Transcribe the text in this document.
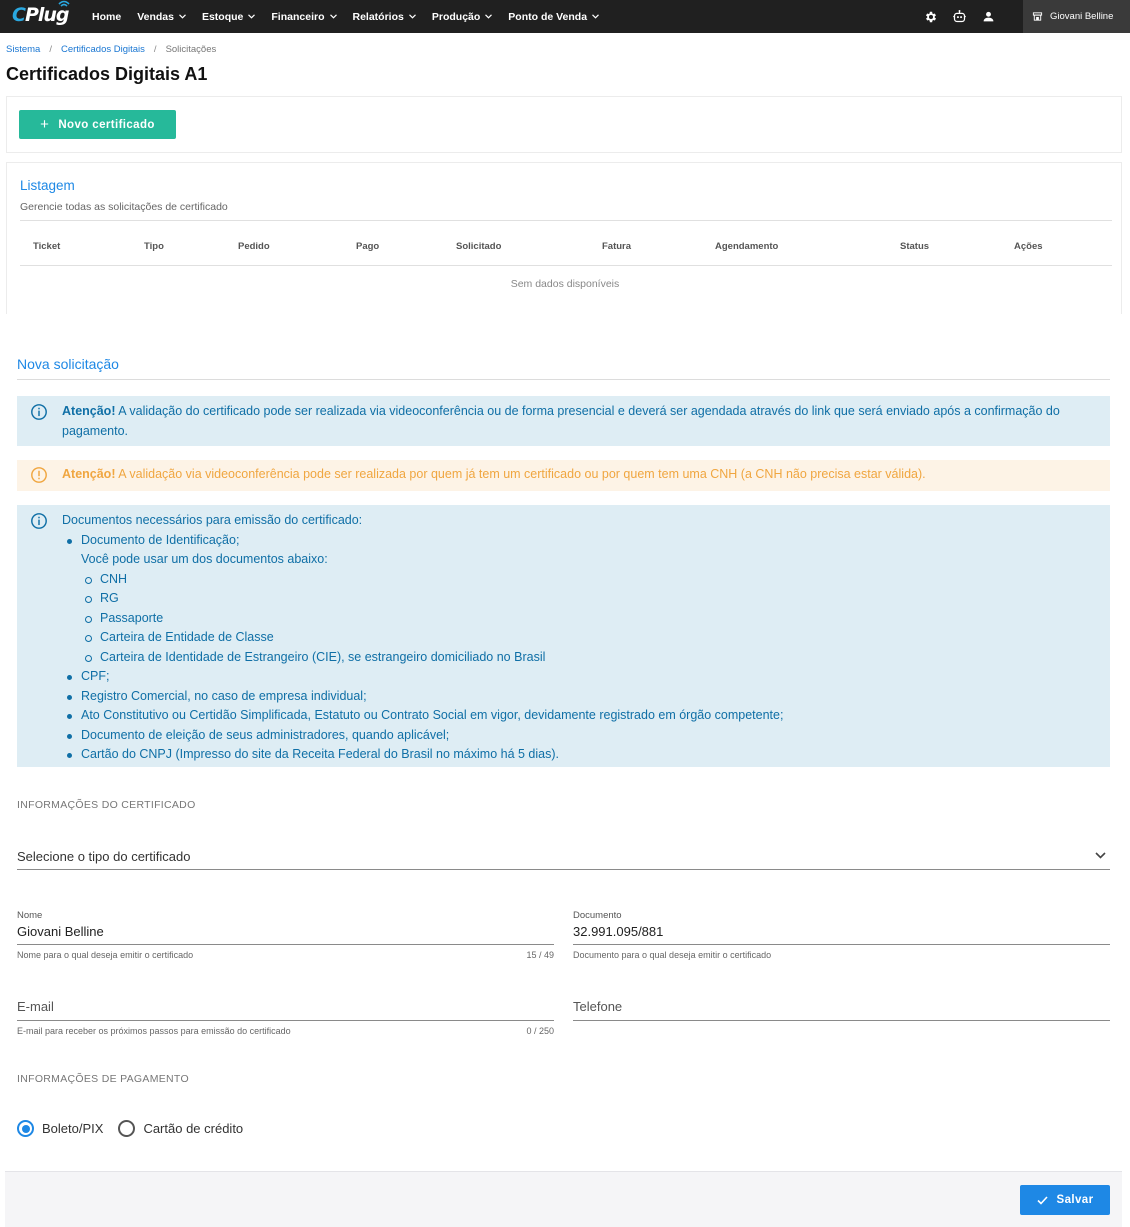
CPlug Home Vendas	Estoque	Financeiro	Relatórios	Produção	Ponto de Venda	Giovani Belline
Sistema / Certificados Digitais / Solicitações
Certificados Digitais A1
+ Novo certificado
Listagem
Gerencie todas as solicitações de certificado
Ticket	Tipo	Pedido	Pago	Solicitado	Fatura	Agendamento	Status	Ações
Sem dados disponíveis
Nova solicitação
Atenção! A validação do certificado pode ser realizada via videoconferência ou de forma presencial e deverá ser agendada através do link que será enviado após a confirmação do pagamento.
Atenção! A validação via videoconferência pode ser realizada por quem já tem um certificado ou por quem tem uma CNH (a CNH não precisa estar válida).
Documentos necessários para emissão do certificado:
Documento de Identificação;
Você pode usar um dos documentos abaixo:
CNH
RG
Passaporte
Carteira de Entidade de Classe
Carteira de Identidade de Estrangeiro (CIE), se estrangeiro domiciliado no Brasil
CPF;
Registro Comercial, no caso de empresa individual;
Ato Constitutivo ou Certidão Simplificada, Estatuto ou Contrato Social em vigor, devidamente registrado em órgão competente;
Documento de eleição de seus administradores, quando aplicável;
Cartão do CNPJ (Impresso do site da Receita Federal do Brasil no máximo há 5 dias).
INFORMAÇÕES DO CERTIFICADO
Selecione o tipo do certificado
Nome
Giovani Belline
Nome para o qual deseja emitir o certificado	15 / 49
Documento
32.991.095/881
Documento para o qual deseja emitir o certificado
E-mail
E-mail para receber os próximos passos para emissão do certificado	0 / 250
Telefone
INFORMAÇÕES DE PAGAMENTO
Boleto/PIX	Cartão de crédito
Salvar
